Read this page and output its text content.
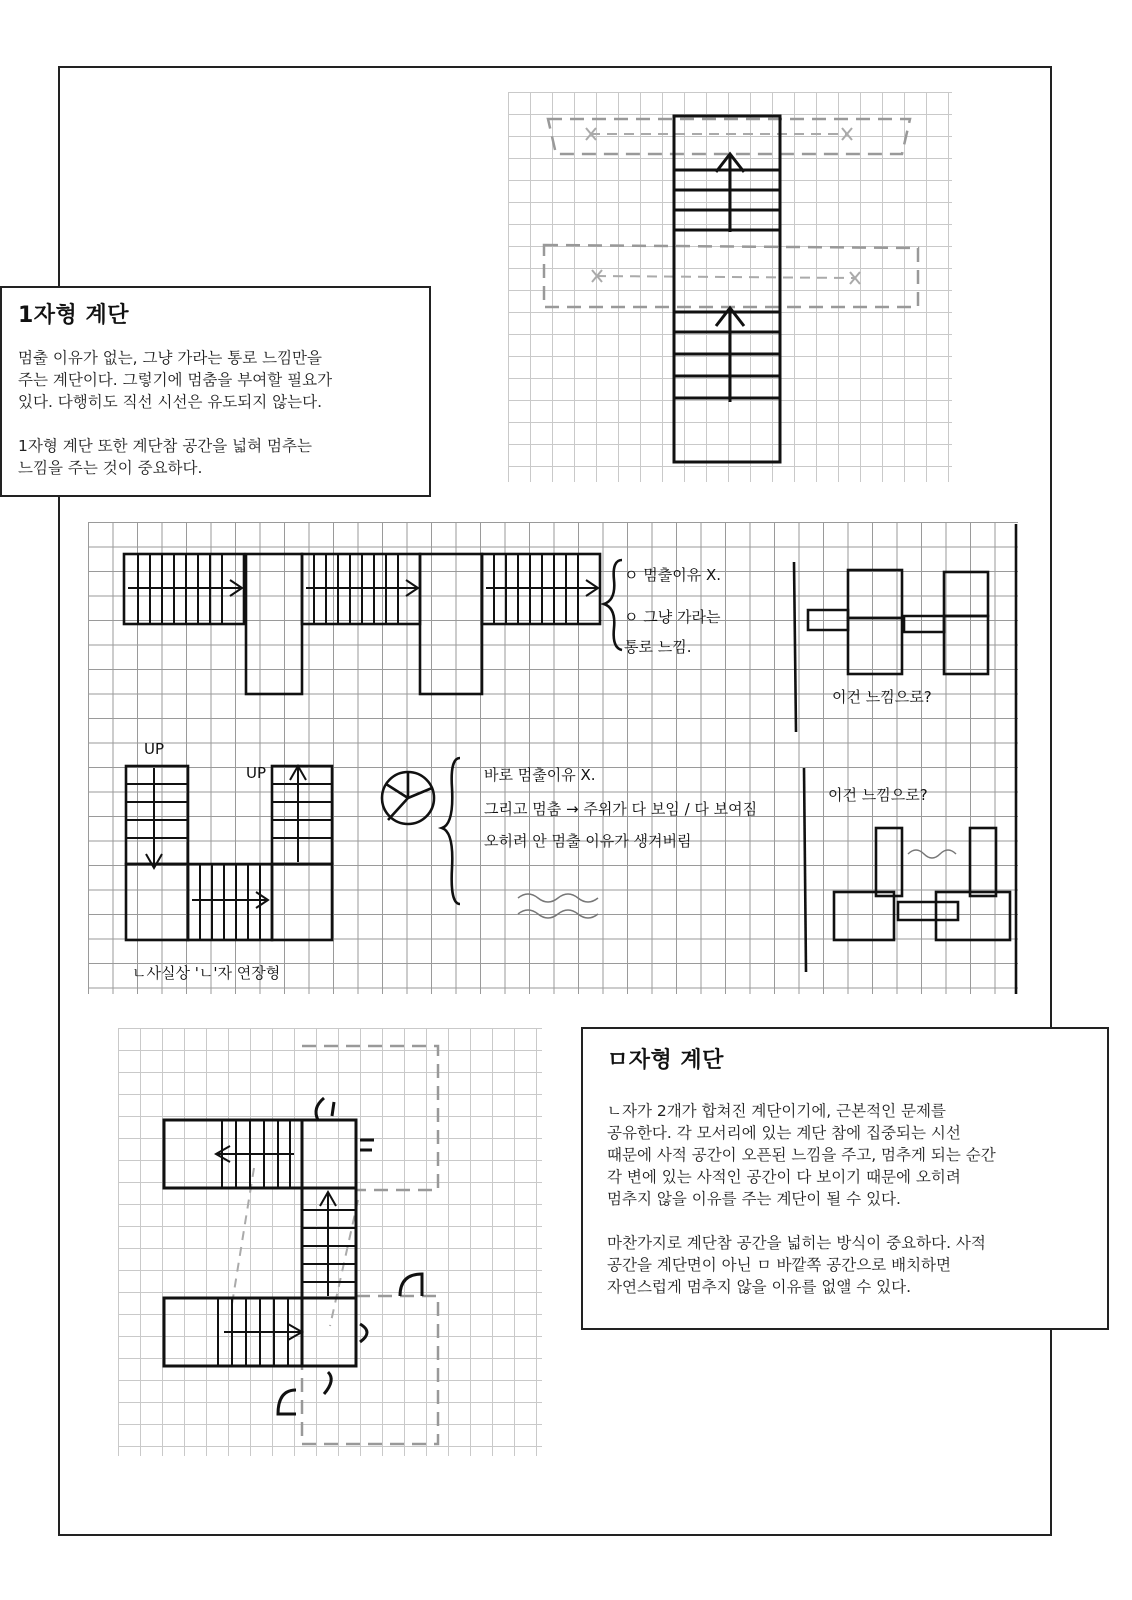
ㅇ 멈출이유 X.
ㅇ 그냥 가라는
통로 느낌.
이건 느낌으로?
이건 느낌으로?
바로 멈출이유 X.
그리고 멈춤 → 주위가 다 보임 / 다 보여짐
오히려 안 멈출 이유가 생겨버림
ㄴ사실상 'ㄴ'자 연장형
UP
UP
1자형 계단

멈출 이유가 없는, 그냥 가라는 통로 느낌만을
주는 계단이다. 그렇기에 멈춤을 부여할 필요가
있다. 다행히도 직선 시선은 유도되지 않는다.

1자형 계단 또한 계단참 공간을 넓혀 멈추는
느낌을 주는 것이 중요하다.

ㅁ자형 계단

ㄴ자가 2개가 합쳐진 계단이기에, 근본적인 문제를
공유한다. 각 모서리에 있는 계단 참에 집중되는 시선
때문에 사적 공간이 오픈된 느낌을 주고, 멈추게 되는 순간
각 변에 있는 사적인 공간이 다 보이기 때문에 오히려
멈추지 않을 이유를 주는 계단이 될 수 있다.

마찬가지로 계단참 공간을 넓히는 방식이 중요하다. 사적
공간을 계단면이 아닌 ㅁ 바깥쪽 공간으로 배치하면
자연스럽게 멈추지 않을 이유를 없앨 수 있다.
